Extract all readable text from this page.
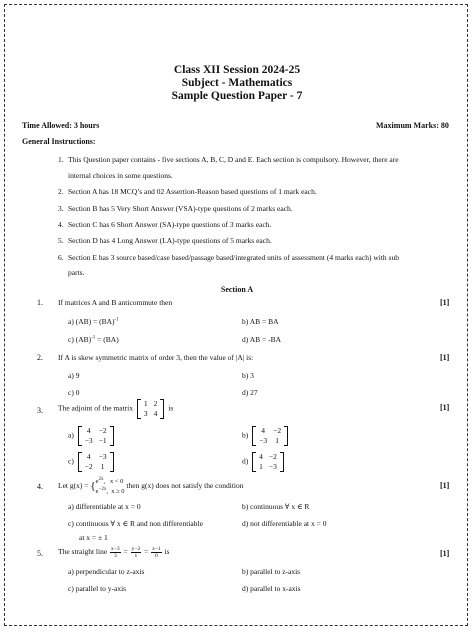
Class XII Session 2024-25
Subject - Mathematics
Sample Question Paper - 7
Time Allowed: 3 hours	Maximum Marks: 80
General Instructions:
1. This Question paper contains - five sections A, B, C, D and E. Each section is compulsory. However, there are
internal choices in some questions.
2. Section A has 18 MCQ’s and 02 Assertion-Reason based questions of 1 mark each.
3. Section B has 5 Very Short Answer (VSA)-type questions of 2 marks each.
4. Section C has 6 Short Answer (SA)-type questions of 3 marks each.
5. Section D has 4 Long Answer (LA)-type questions of 5 marks each.
6. Section E has 3 source based/case based/passage based/integrated units of assessment (4 marks each) with sub
parts.
Section A
1. If matrices A and B anticommute then	[1]
a) (AB) = (BA)$^{-1}$	b) AB = BA
c) (AB)$^{-1}$ = (BA)	d) AB = -BA
2. If A is skew symmetric matrix of order 3, then the value of |A| is:	[1]
a) 9	b) 3
c) 0	d) 27
3. The adjoint of the matrix
1	2
3	4
is	[1]
a)
4	−2
−3	−1
b)
4	−2
−3	1
c)
4	−3
−2	1
d)
4	−2
1	−3
4. Let $g(x) = \{e^{2x}$,   x < 0
$e^{-2x}$,  x ≥ 0 then g(x) does not satisfy the condition	[1]
a) differentiable at x = 0	b) continuous ∀ x ∈ R
c) continuous ∀ x ∈ R and non differentiable
at x = ± 1
d) not differentiable at x = 0
5. The straight line $\frac{x-3}{3} = \frac{y-2}{1} = \frac{z-1}{0}$ is	[1]
a) perpendicular to z-axis	b) parallel to z-axis
c) parallel to y-axis	d) parallel to x-axis
